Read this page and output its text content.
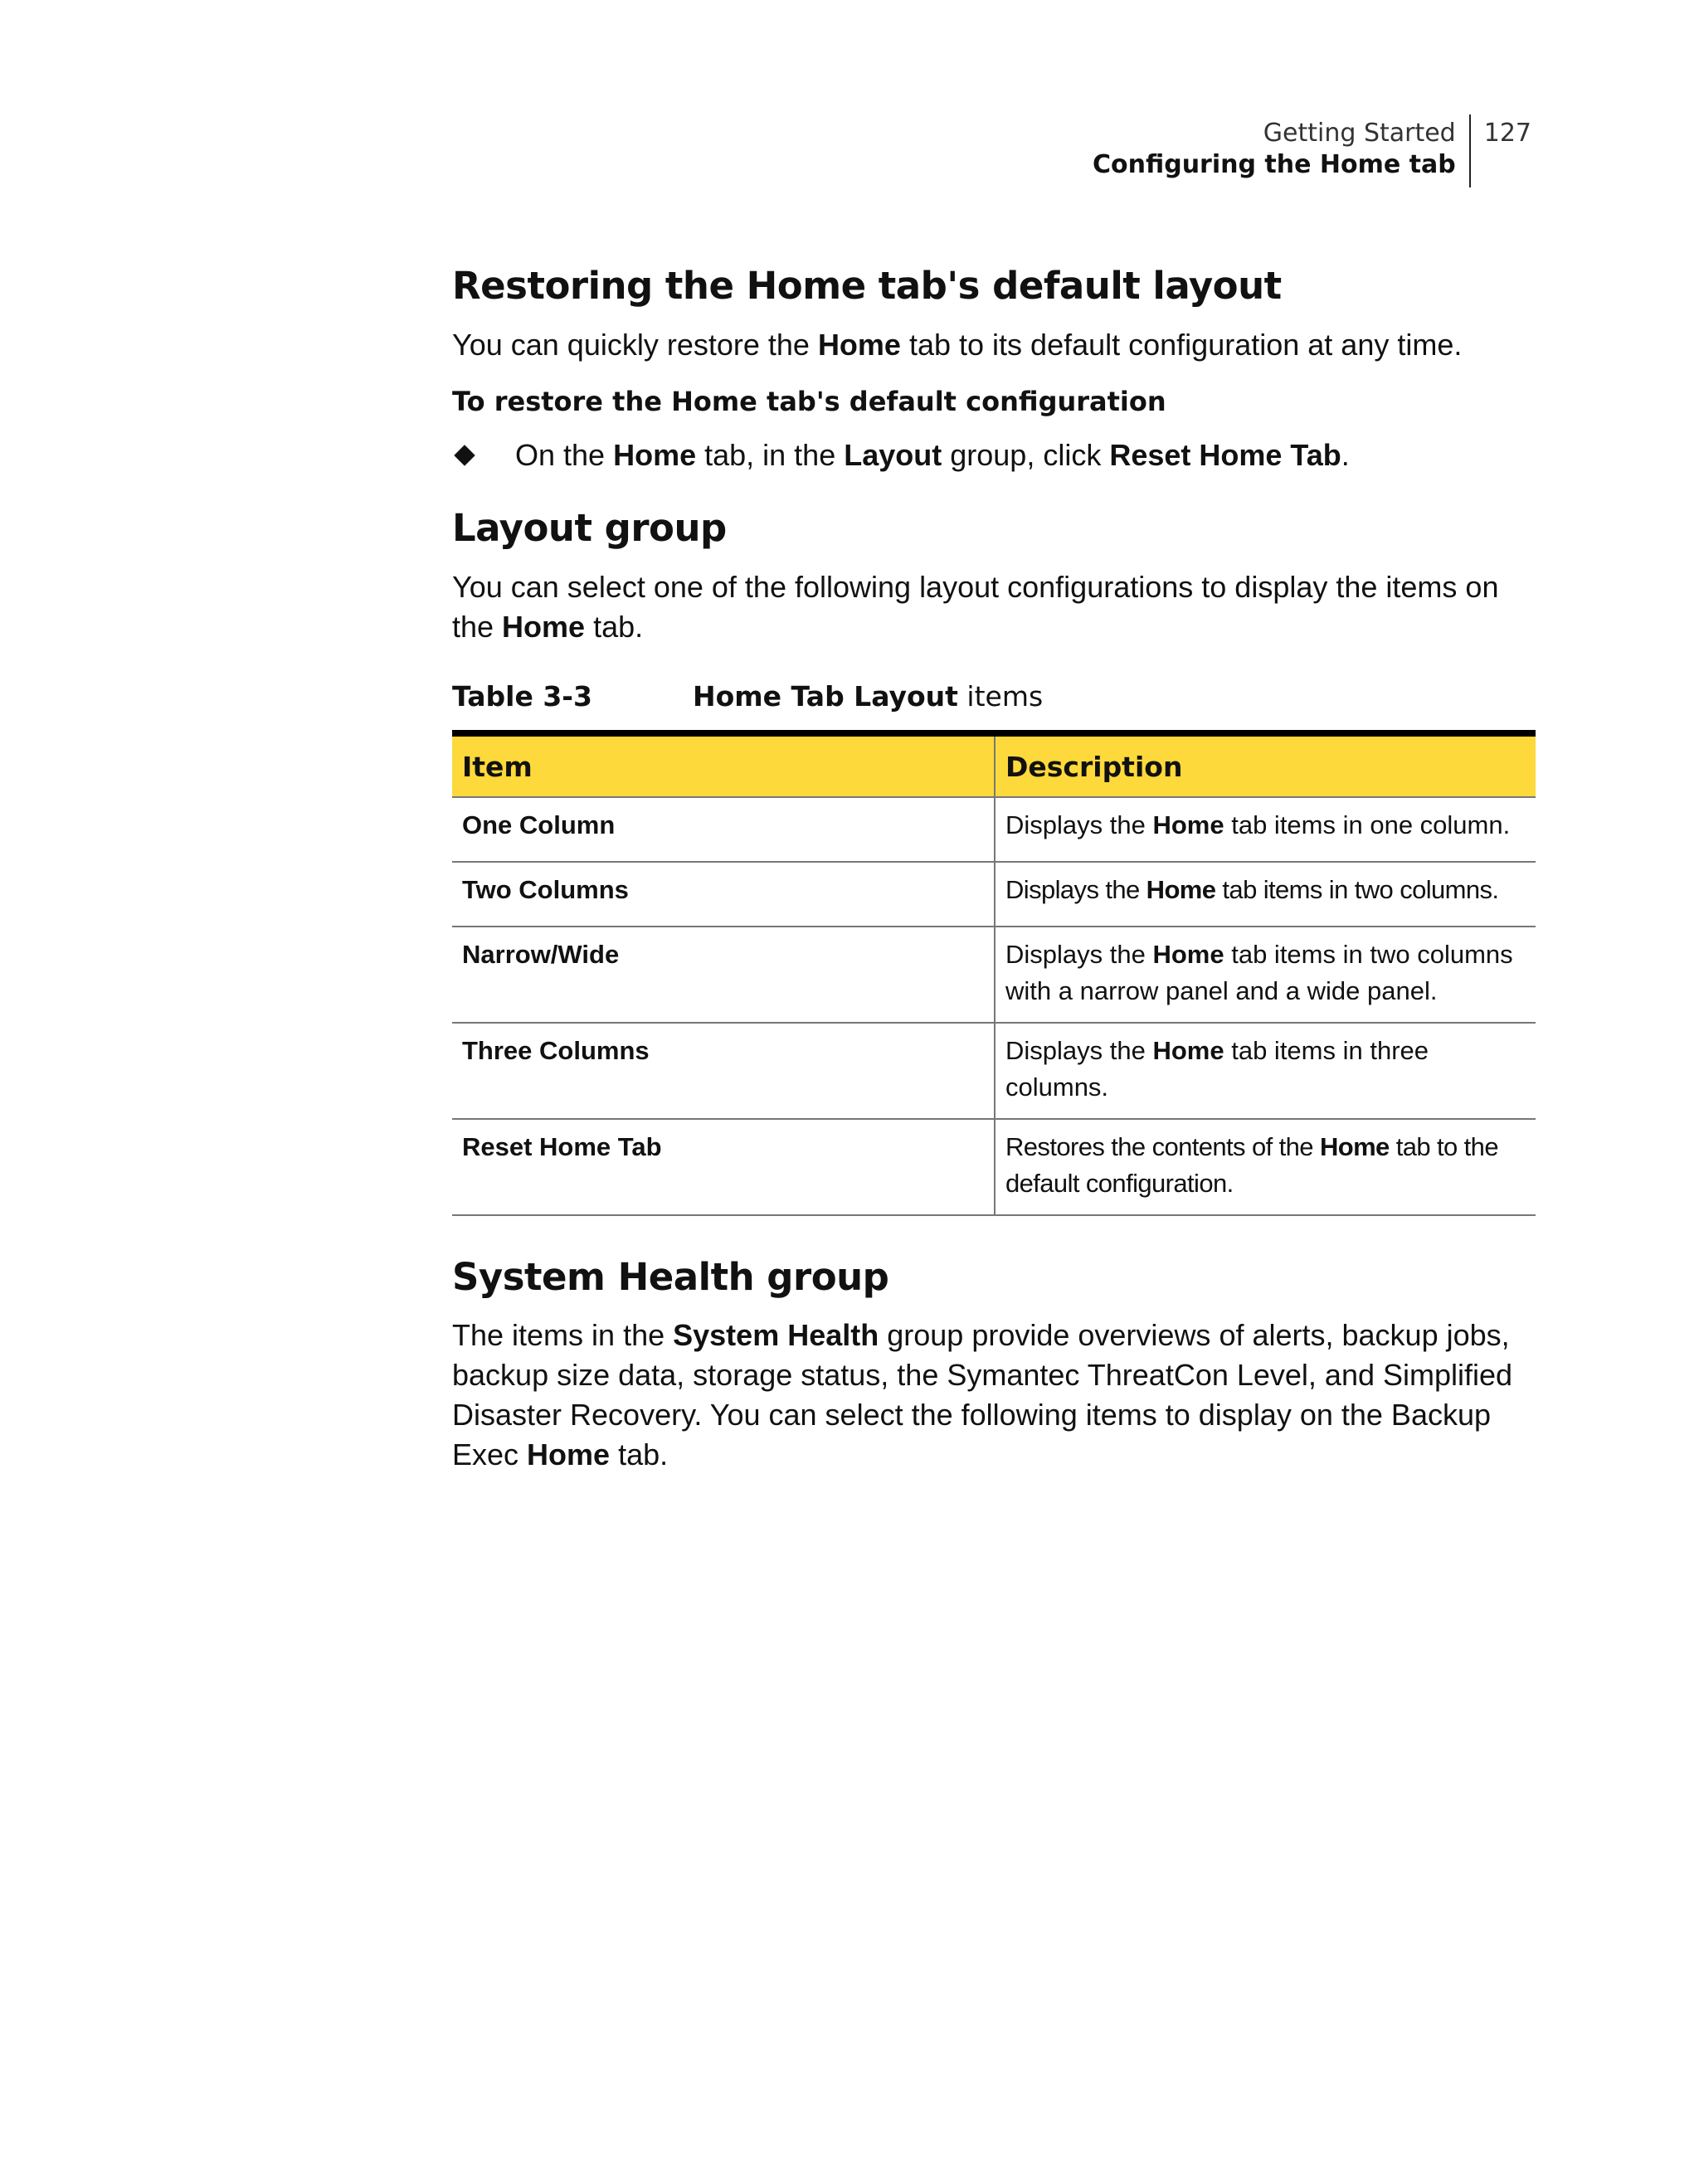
Getting Started
Configuring the Home tab
127
Restoring the Home tab's default layout

You can quickly restore the Home tab to its default configuration at any time.

To restore the Home tab's default configuration
On the Home tab, in the Layout group, click Reset Home Tab.
Layout group

You can select one of the following layout configurations to display the items on the Home tab.

Table 3-3	Home Tab Layout items
Item	Description
One Column	Displays the Home tab items in one column.
Two Columns	Displays the Home tab items in two columns.
Narrow/Wide	Displays the Home tab items in two columns with a narrow panel and a wide panel.
Three Columns	Displays the Home tab items in three columns.
Reset Home Tab	Restores the contents of the Home tab to the default configuration.
System Health group

The items in the System Health group provide overviews of alerts, backup jobs, backup size data, storage status, the Symantec ThreatCon Level, and Simplified Disaster Recovery. You can select the following items to display on the Backup Exec Home tab.
